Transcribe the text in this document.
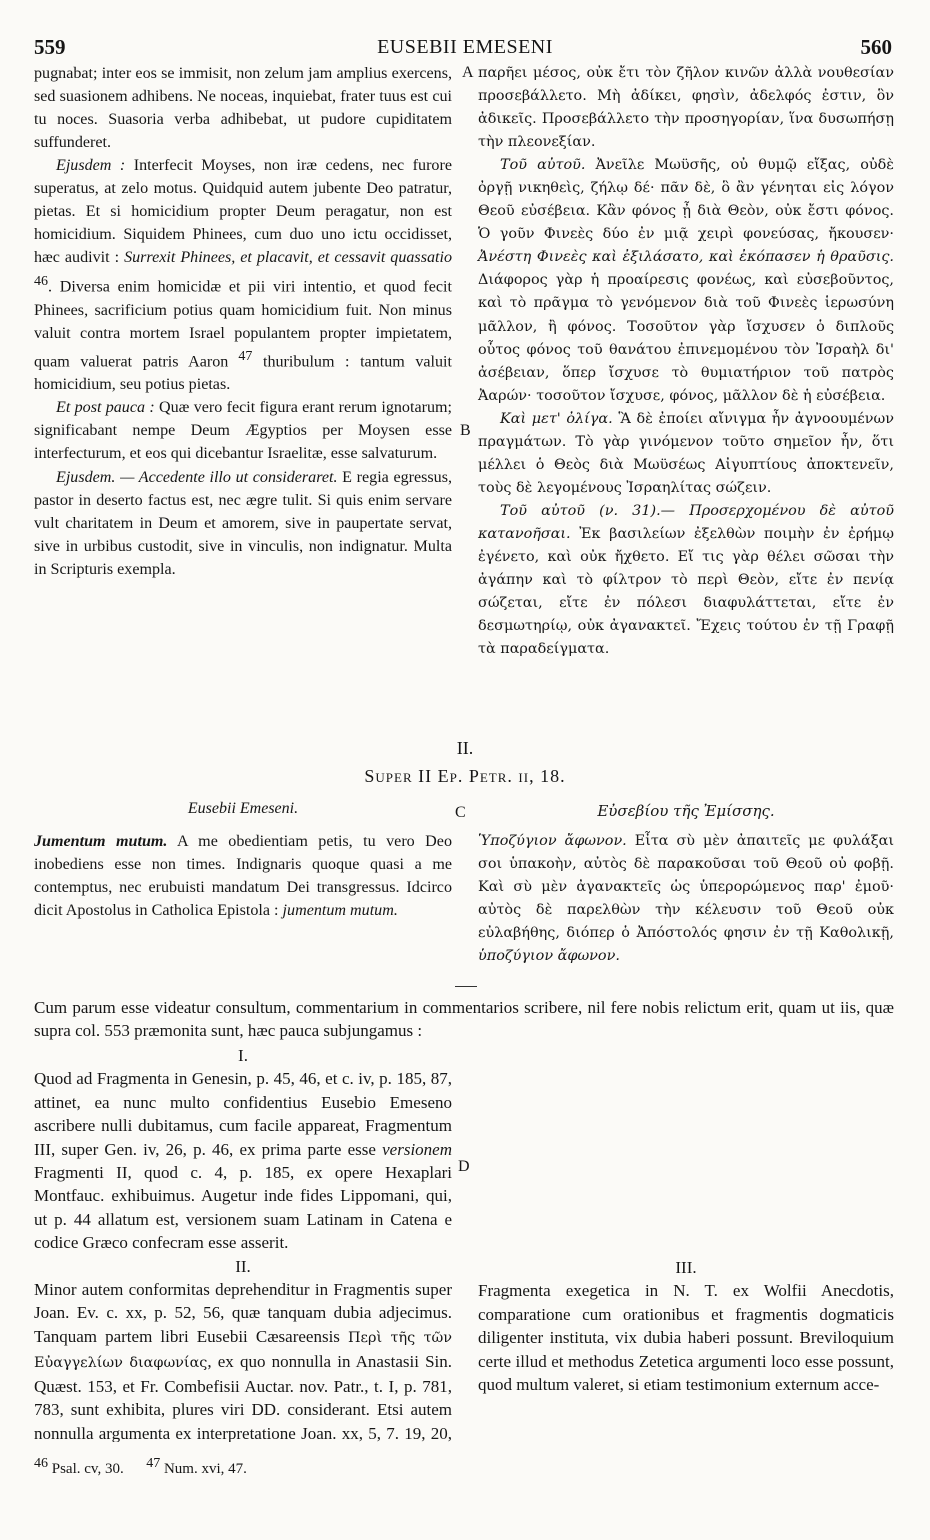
559	EUSEBII EMESENI	560
A
B
C
D

pugnabat; inter eos se immisit, non zelum jam amplius exercens, sed suasionem adhibens. Ne noceas, inquiebat, frater tuus est cui tu noces. Suasoria verba adhibebat, ut pudore cupiditatem suffunderet.

Ejusdem : Interfecit Moyses, non iræ cedens, nec furore superatus, at zelo motus. Quidquid autem jubente Deo patratur, pietas. Et si homicidium propter Deum peragatur, non est homicidium. Siquidem Phinees, cum duo uno ictu occidisset, hæc audivit : Surrexit Phinees, et placavit, et cessavit quassatio $^{46}$. Diversa enim homicidæ et pii viri intentio, et quod fecit Phinees, sacrificium potius quam homicidium fuit. Non minus valuit contra mortem Israel populantem propter impietatem, quam valuerat patris Aaron $^{47}$ thuribulum : tantum valuit homicidium, seu potius pietas.

Et post pauca : Quæ vero fecit figura erant rerum ignotarum; significabant nempe Deum Ægyptios per Moysen esse interfecturum, et eos qui dicebantur Israelitæ, esse salvaturum.

Ejusdem. — Accedente illo ut consideraret. E regia egressus, pastor in deserto factus est, nec ægre tulit. Si quis enim servare vult charitatem in Deum et amorem, sive in paupertate servat, sive in urbibus custodit, sive in vinculis, non indignatur. Multa in Scripturis exempla.

παρῆει μέσος, οὐκ ἔτι τὸν ζῆλον κινῶν ἀλλὰ νουθεσίαν προσεβάλλετο. Μὴ ἀδίκει, φησὶν, ἀδελφός ἐστιν, ὃν ἀδικεῖς. Προσεβάλλετο τὴν προσηγορίαν, ἵνα δυσωπήσῃ τὴν πλεονεξίαν.

Τοῦ αὐτοῦ. Ἀνεῖλε Μωϋσῆς, οὐ θυμῷ εἴξας, οὐδὲ ὀργῇ νικηθεὶς, ζήλῳ δέ· πᾶν δὲ, ὃ ἂν γένηται εἰς λόγον Θεοῦ εὐσέβεια. Κἂν φόνος ᾖ διὰ Θεὸν, οὐκ ἔστι φόνος. Ὁ γοῦν Φινεὲς δύο ἐν μιᾷ χειρὶ φονεύσας, ἤκουσεν· Ἀνέστη Φινεὲς καὶ ἐξιλάσατο, καὶ ἐκόπασεν ἡ θραῦσις. Διάφορος γὰρ ἡ προαίρεσις φονέως, καὶ εὐσεβοῦντος, καὶ τὸ πρᾶγμα τὸ γενόμενον διὰ τοῦ Φινεὲς ἱερωσύνη μᾶλλον, ἢ φόνος. Τοσοῦτον γὰρ ἴσχυσεν ὁ διπλοῦς οὗτος φόνος τοῦ θανάτου ἐπινεμομένου τὸν Ἰσραὴλ δι' ἀσέβειαν, ὅπερ ἴσχυσε τὸ θυμιατήριον τοῦ πατρὸς Ἀαρών· τοσοῦτον ἴσχυσε, φόνος, μᾶλλον δὲ ἡ εὐσέβεια.

Καὶ μετ' ὀλίγα. Ἃ δὲ ἐποίει αἴνιγμα ἦν ἀγνοουμένων πραγμάτων. Τὸ γὰρ γινόμενον τοῦτο σημεῖον ἦν, ὅτι μέλλει ὁ Θεὸς διὰ Μωϋσέως Αἰγυπτίους ἀποκτενεῖν, τοὺς δὲ λεγομένους Ἰσραηλίτας σώζειν.

Τοῦ αὐτοῦ (ν. 31).— Προσερχομένου δὲ αὐτοῦ κατανοῆσαι. Ἐκ βασιλείων ἐξελθὼν ποιμὴν ἐν ἐρήμῳ ἐγένετο, καὶ οὐκ ἤχθετο. Εἴ τις γὰρ θέλει σῶσαι τὴν ἀγάπην καὶ τὸ φίλτρον τὸ περὶ Θεὸν, εἴτε ἐν πενίᾳ σώζεται, εἴτε ἐν πόλεσι διαφυλάττεται, εἴτε ἐν δεσμωτηρίῳ, οὐκ ἀγανακτεῖ. Ἔχεις τούτου ἐν τῇ Γραφῇ τὰ παραδείγματα.

II.
Super II Ep. Petr. ii, 18.
Eusebii Emeseni.	Εὐσεβίου τῆς Ἐμίσσης.

Jumentum mutum. A me obedientiam petis, tu vero Deo inobediens esse non times. Indignaris quoque quasi a me contemptus, nec erubuisti mandatum Dei transgressus. Idcirco dicit Apostolus in Catholica Epistola : jumentum mutum.

Ὑποζύγιον ἄφωνον. Εἶτα σὺ μὲν ἀπαιτεῖς με φυλάξαι σοι ὑπακοὴν, αὐτὸς δὲ παρακοῦσαι τοῦ Θεοῦ οὐ φοβῇ. Καὶ σὺ μὲν ἀγανακτεῖς ὡς ὑπερορώμενος παρ' ἐμοῦ· αὐτὸς δὲ παρελθὼν τὴν κέλευσιν τοῦ Θεοῦ οὐκ εὐλαβήθης, διόπερ ὁ Ἀπόστολός φησιν ἐν τῇ Καθολικῇ, ὑποζύγιον ἄφωνον.

Cum parum esse videatur consultum, commentarium in commentarios scribere, nil fere nobis relictum erit, quam ut iis, quæ supra col. 553 præmonita sunt, hæc pauca subjungamus :

I.

Quod ad Fragmenta in Genesin, p. 45, 46, et c. iv, p. 185, 87, attinet, ea nunc multo confidentius Eusebio Emeseno ascribere nulli dubitamus, cum facile appareat, Fragmentum III, super Gen. iv, 26, p. 46, ex prima parte esse versionem Fragmenti II, quod c. 4, p. 185, ex opere Hexaplari Montfauc. exhibuimus. Augetur inde fides Lippomani, qui, ut p. 44 allatum est, versionem suam Latinam in Catena e codice Græco confecram esse asserit.

II.

Minor autem conformitas deprehenditur in Fragmentis super Joan. Ev. c. xx, p. 52, 56, quæ tanquam dubia adjecimus. Tanquam partem libri Eusebii Cæsareensis Περὶ τῆς τῶν Εὐαγγελίων διαφωνίας, ex quo nonnulla in Anastasii Sin. Quæst. 153, et Fr. Combefisii Auctar. nov. Patr., t. I, p. 781, 783, sunt exhibita, plures viri DD. considerant. Etsi autem nonnulla argumenta ex interpretatione Joan. xx, 5, 7. 19, 20,

III.

Fragmenta exegetica in N. T. ex Wolfii Anecdotis, comparatione cum orationibus et fragmentis dogmaticis diligenter instituta, vix dubia haberi possunt. Breviloquium certe illud et methodus Zetetica argumenti loco esse possunt, quod multum valeret, si etiam testimonium externum acce-

$^{46}$ Psal. cv, 30. $^{47}$ Num. xvi, 47.
